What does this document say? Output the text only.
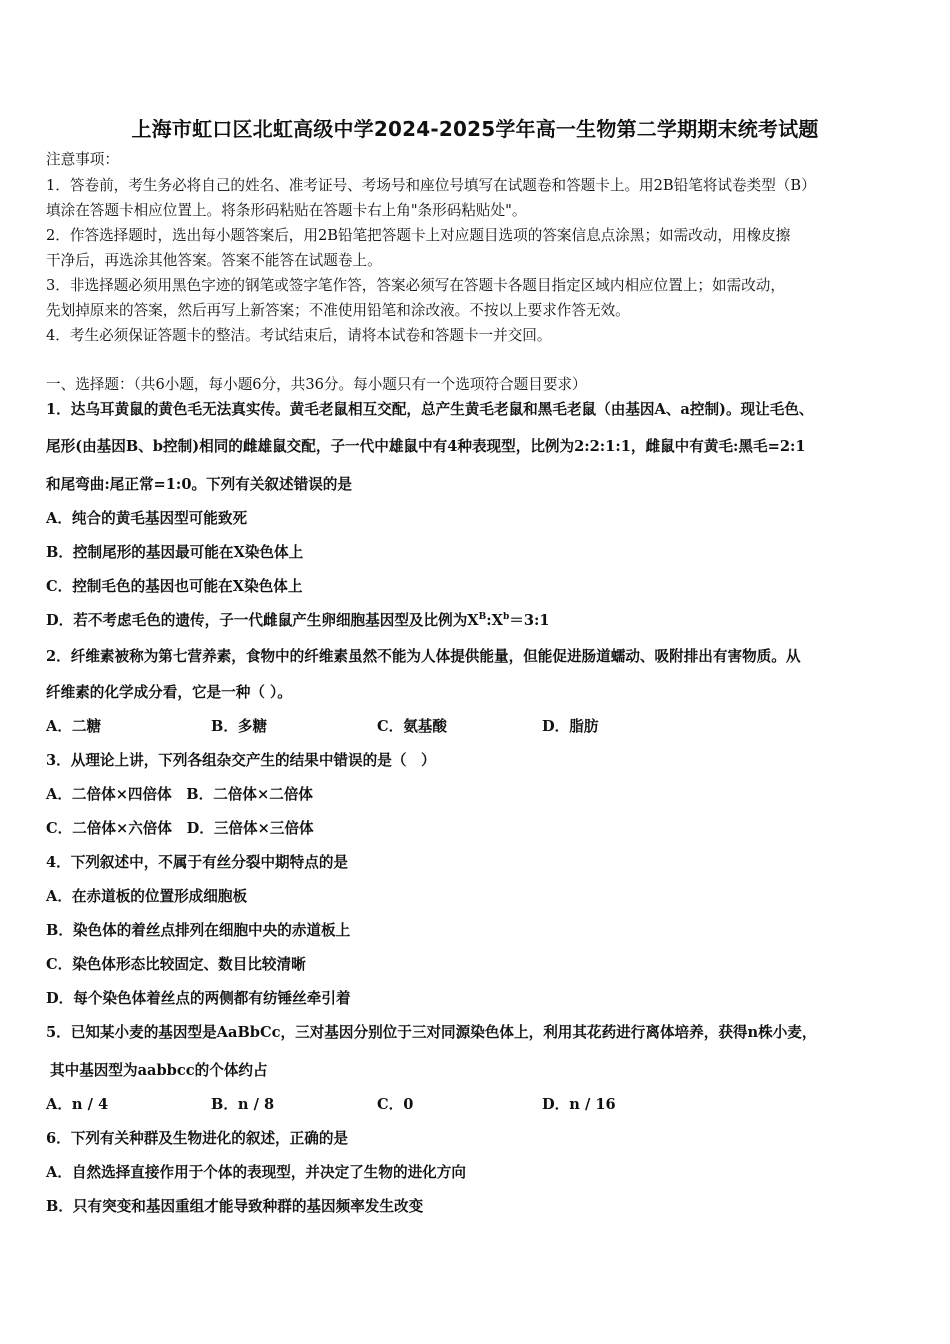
上海市虹口区北虹高级中学2024-2025学年高一生物第二学期期末统考试题
注意事项：
1．答卷前，考生务必将自己的姓名、准考证号、考场号和座位号填写在试题卷和答题卡上。用2B铅笔将试卷类型（B）
填涂在答题卡相应位置上。将条形码粘贴在答题卡右上角"条形码粘贴处"。
2．作答选择题时，选出每小题答案后，用2B铅笔把答题卡上对应题目选项的答案信息点涂黑；如需改动，用橡皮擦
干净后，再选涂其他答案。答案不能答在试题卷上。
3．非选择题必须用黑色字迹的钢笔或签字笔作答，答案必须写在答题卡各题目指定区域内相应位置上；如需改动，
先划掉原来的答案，然后再写上新答案；不准使用铅笔和涂改液。不按以上要求作答无效。
4．考生必须保证答题卡的整洁。考试结束后，请将本试卷和答题卡一并交回。
一、选择题：（共6小题，每小题6分，共36分。每小题只有一个选项符合题目要求）
1．达乌耳黄鼠的黄色毛无法真实传。黄毛老鼠相互交配，总产生黄毛老鼠和黑毛老鼠（由基因A、a控制)。现让毛色、
尾形(由基因B、b控制)相同的雌雄鼠交配，子一代中雄鼠中有4种表现型，比例为2:2:1:1，雌鼠中有黄毛:黑毛=2:1
和尾弯曲:尾正常=1:0。下列有关叙述错误的是
A．纯合的黄毛基因型可能致死
B．控制尾形的基因最可能在X染色体上
C．控制毛色的基因也可能在X染色体上
D．若不考虑毛色的遗传，子一代雌鼠产生卵细胞基因型及比例为$X^B:X^b=3:1$
2．纤维素被称为第七营养素，食物中的纤维素虽然不能为人体提供能量，但能促进肠道蠕动、吸附排出有害物质。从
纤维素的化学成分看，它是一种（ ）。
A．二糖	B．多糖	C．氨基酸	D．脂肪
3．从理论上讲，下列各组杂交产生的结果中错误的是（　）
A．二倍体×四倍体　B．二倍体×二倍体
C．二倍体×六倍体　D．三倍体×三倍体
4．下列叙述中，不属于有丝分裂中期特点的是
A．在赤道板的位置形成细胞板
B．染色体的着丝点排列在细胞中央的赤道板上
C．染色体形态比较固定、数目比较清晰
D．每个染色体着丝点的两侧都有纺锤丝牵引着
5．已知某小麦的基因型是AaBbCc，三对基因分别位于三对同源染色体上，利用其花药进行离体培养，获得n株小麦，
其中基因型为aabbcc的个体约占
A．n / 4	B．n / 8	C．0	D．n / 16
6．下列有关种群及生物进化的叙述，正确的是
A．自然选择直接作用于个体的表现型，并决定了生物的进化方向
B．只有突变和基因重组才能导致种群的基因频率发生改变
